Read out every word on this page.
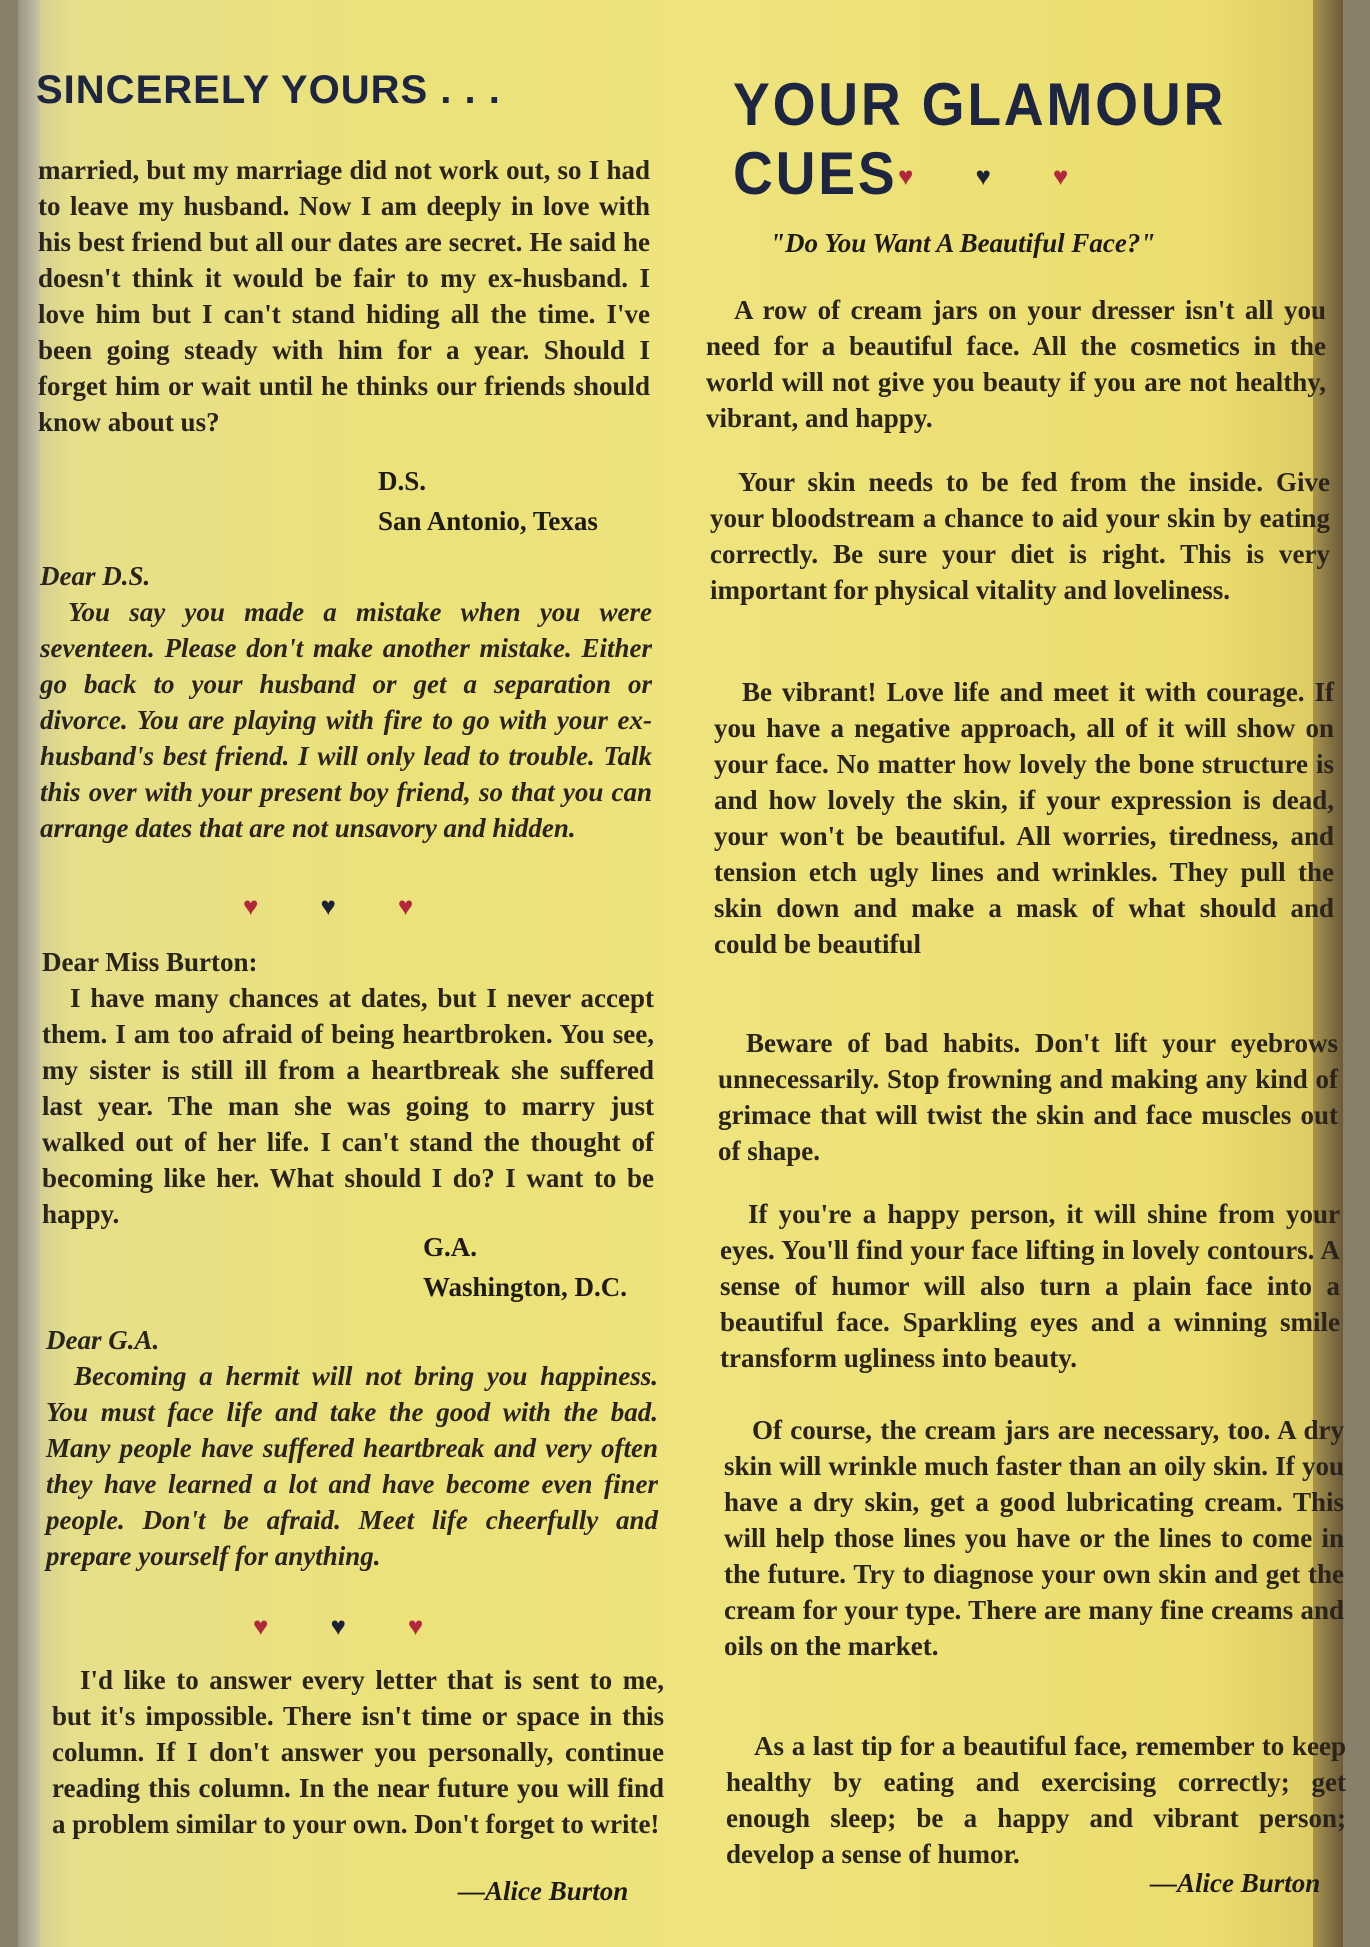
SINCERELY YOURS . . .
married, but my marriage did not work out, so I had to leave my husband. Now I am deeply in love with his best friend but all our dates are secret. He said he doesn't think it would be fair to my ex-husband. I love him but I can't stand hiding all the time. I've been going steady with him for a year. Should I forget him or wait until he thinks our friends should know about us?
D.S.
San Antonio, Texas
Dear D.S.

You say you made a mistake when you were seventeen. Please don't make another mistake. Either go back to your husband or get a separation or divorce. You are playing with fire to go with your ex-husband's best friend. I will only lead to trouble. Talk this over with your present boy friend, so that you can arrange dates that are not unsavory and hidden.

♥ ♥ ♥
Dear Miss Burton:

I have many chances at dates, but I never accept them. I am too afraid of being heartbroken. You see, my sister is still ill from a heartbreak she suffered last year. The man she was going to marry just walked out of her life. I can't stand the thought of becoming like her. What should I do? I want to be happy.

G.A.
Washington, D.C.
Dear G.A.

Becoming a hermit will not bring you happiness. You must face life and take the good with the bad. Many people have suffered heartbreak and very often they have learned a lot and have become even finer people. Don't be afraid. Meet life cheerfully and prepare yourself for anything.

♥ ♥ ♥

I'd like to answer every letter that is sent to me, but it's impossible. There isn't time or space in this column. If I don't answer you personally, continue reading this column. In the near future you will find a problem similar to your own. Don't forget to write!

—Alice Burton
YOUR GLAMOUR CUES ♥ ♥ ♥
"Do You Want A Beautiful Face?"

A row of cream jars on your dresser isn't all you need for a beautiful face. All the cosmetics in the world will not give you beauty if you are not healthy, vibrant, and happy.

Your skin needs to be fed from the inside. Give your bloodstream a chance to aid your skin by eating correctly. Be sure your diet is right. This is very important for physical vitality and loveliness.

Be vibrant! Love life and meet it with courage. If you have a negative approach, all of it will show on your face. No matter how lovely the bone structure is and how lovely the skin, if your expression is dead, your won't be beautiful. All worries, tiredness, and tension etch ugly lines and wrinkles. They pull the skin down and make a mask of what should and could be beautiful

Beware of bad habits. Don't lift your eyebrows unnecessarily. Stop frowning and making any kind of grimace that will twist the skin and face muscles out of shape.

If you're a happy person, it will shine from your eyes. You'll find your face lifting in lovely contours. A sense of humor will also turn a plain face into a beautiful face. Sparkling eyes and a winning smile transform ugliness into beauty.

Of course, the cream jars are necessary, too. A dry skin will wrinkle much faster than an oily skin. If you have a dry skin, get a good lubricating cream. This will help those lines you have or the lines to come in the future. Try to diagnose your own skin and get the cream for your type. There are many fine creams and oils on the market.

As a last tip for a beautiful face, remember to keep healthy by eating and exercising correctly; get enough sleep; be a happy and vibrant person; develop a sense of humor.

—Alice Burton
